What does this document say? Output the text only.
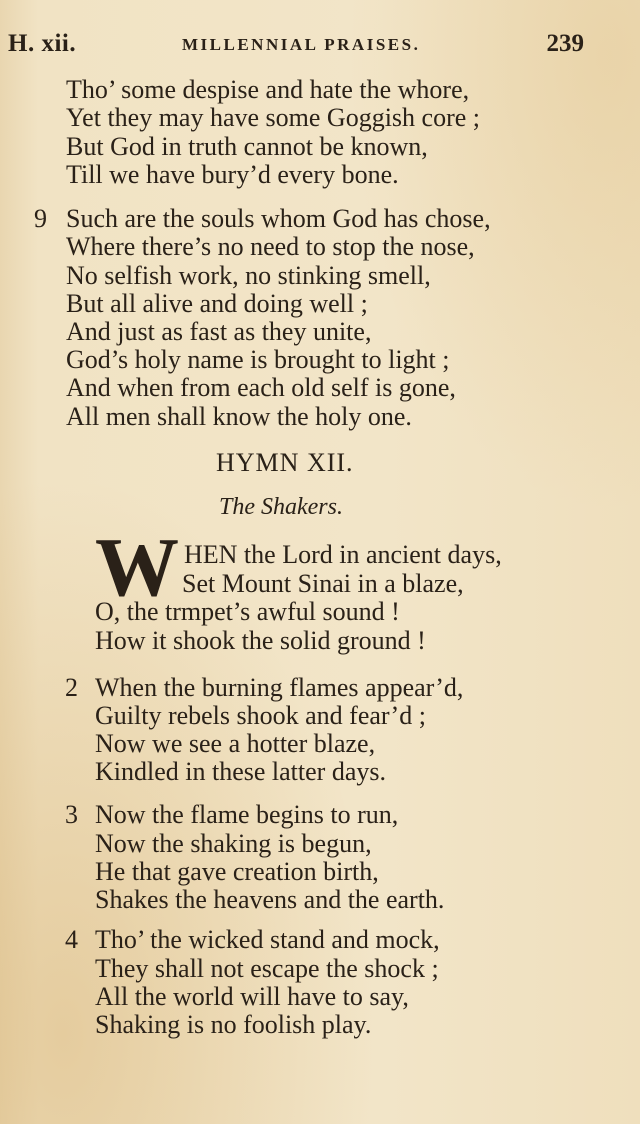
H. xii.	MILLENNIAL PRAISES.	239
Tho’ some despise and hate the whore,
Yet they may have some Goggish core ;
But God in truth cannot be known,
Till we have bury’d every bone.
9 Such are the souls whom God has chose,
Where there’s no need to stop the nose,
No selfish work, no stinking smell,
But all alive and doing well ;
And just as fast as they unite,
God’s holy name is brought to light ;
And when from each old self is gone,
All men shall know the holy one.
HYMN XII.
The Shakers.
W HEN the Lord in ancient days,
Set Mount Sinai in a blaze,
O, the trmpet’s awful sound !
How it shook the solid ground !
2 When the burning flames appear’d,
Guilty rebels shook and fear’d ;
Now we see a hotter blaze,
Kindled in these latter days.
3 Now the flame begins to run,
Now the shaking is begun,
He that gave creation birth,
Shakes the heavens and the earth.
4 Tho’ the wicked stand and mock,
They shall not escape the shock ;
All the world will have to say,
Shaking is no foolish play.
